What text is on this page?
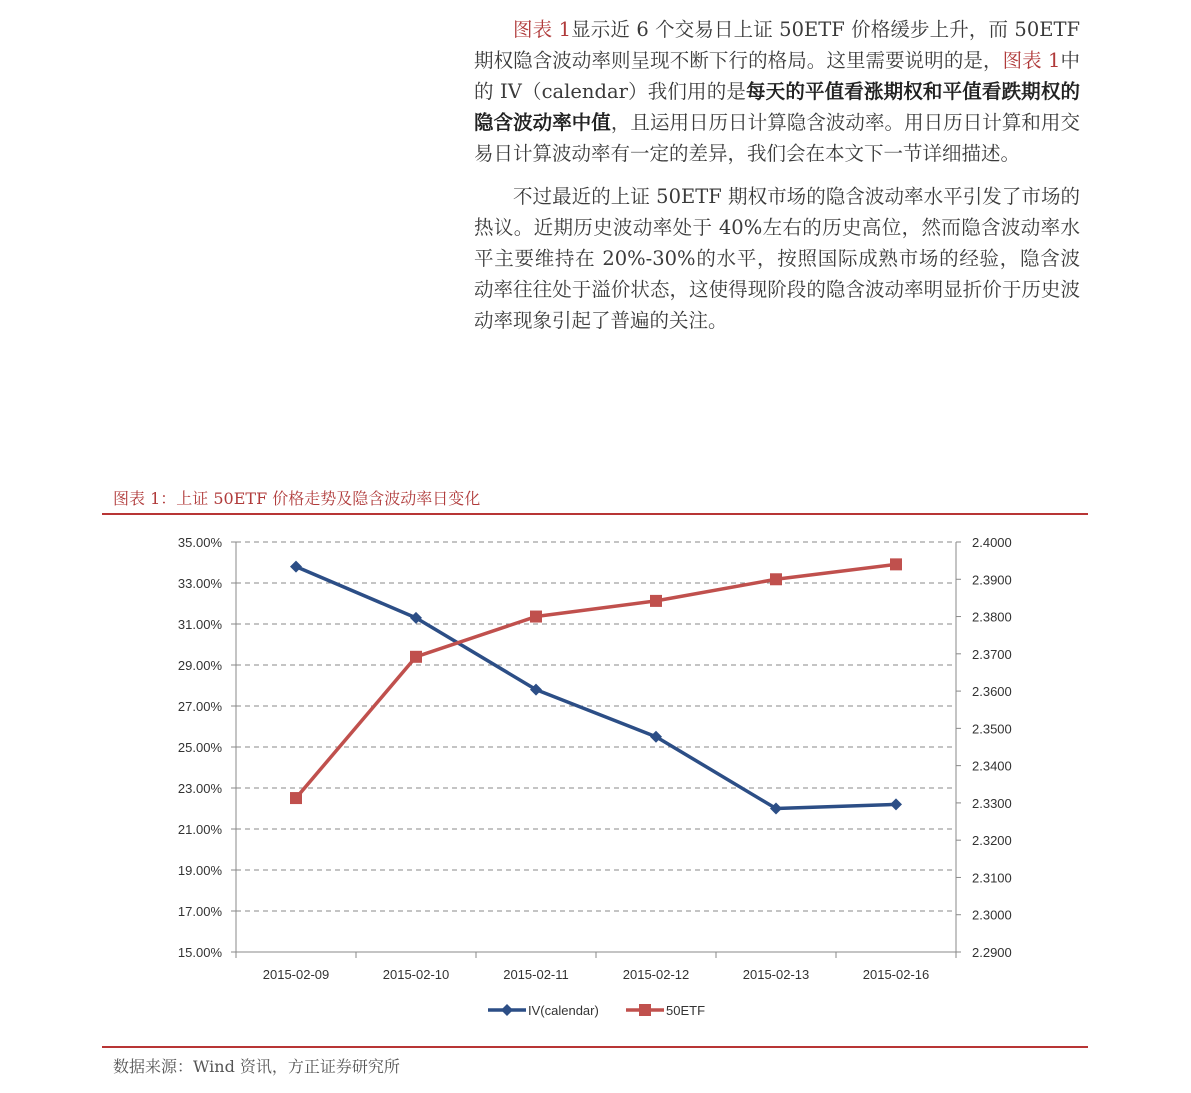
图表 1显示近 6 个交易日上证 50ETF 价格缓步上升，而 50ETF 期权隐含波动率则呈现不断下行的格局。这里需要说明的是，图表 1中的 IV（calendar）我们用的是每天的平值看涨期权和平值看跌期权的隐含波动率中值，且运用日历日计算隐含波动率。用日历日计算和用交易日计算波动率有一定的差异，我们会在本文下一节详细描述。

不过最近的上证 50ETF 期权市场的隐含波动率水平引发了市场的热议。近期历史波动率处于 40%左右的历史高位，然而隐含波动率水平主要维持在 20%-30%的水平，按照国际成熟市场的经验，隐含波动率往往处于溢价状态，这使得现阶段的隐含波动率明显折价于历史波动率现象引起了普遍的关注。

图表 1：上证 50ETF 价格走势及隐含波动率日变化
35.00%
33.00%
31.00%
29.00%
27.00%
25.00%
23.00%
21.00%
19.00%
17.00%
15.00%
2.4000
2.3900
2.3800
2.3700
2.3600
2.3500
2.3400
2.3300
2.3200
2.3100
2.3000
2.2900
2015-02-09	2015-02-10	2015-02-11	2015-02-12	2015-02-13	2015-02-16
IV(calendar)	50ETF
数据来源：Wind 资讯，方正证券研究所
